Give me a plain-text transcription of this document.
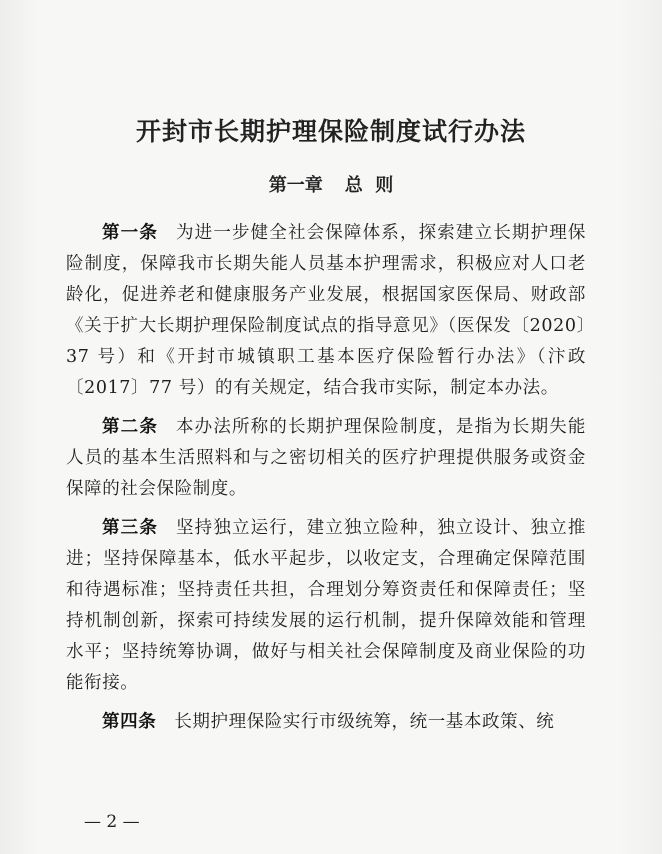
开封市长期护理保险制度试行办法
第一章 总  则

第一条 为进一步健全社会保障体系，探索建立长期护理保险制度，保障我市长期失能人员基本护理需求，积极应对人口老龄化，促进养老和健康服务产业发展，根据国家医保局、财政部《关于扩大长期护理保险制度试点的指导意见》（医保发〔2020〕37 号）和《开封市城镇职工基本医疗保险暂行办法》（汴政〔2017〕77 号）的有关规定，结合我市实际，制定本办法。

第二条 本办法所称的长期护理保险制度，是指为长期失能人员的基本生活照料和与之密切相关的医疗护理提供服务或资金保障的社会保险制度。

第三条 坚持独立运行，建立独立险种，独立设计、独立推进；坚持保障基本，低水平起步，以收定支，合理确定保障范围和待遇标准；坚持责任共担，合理划分筹资责任和保障责任；坚持机制创新，探索可持续发展的运行机制，提升保障效能和管理水平；坚持统筹协调，做好与相关社会保障制度及商业保险的功能衔接。

第四条 长期护理保险实行市级统筹，统一基本政策、统

— 2 —
